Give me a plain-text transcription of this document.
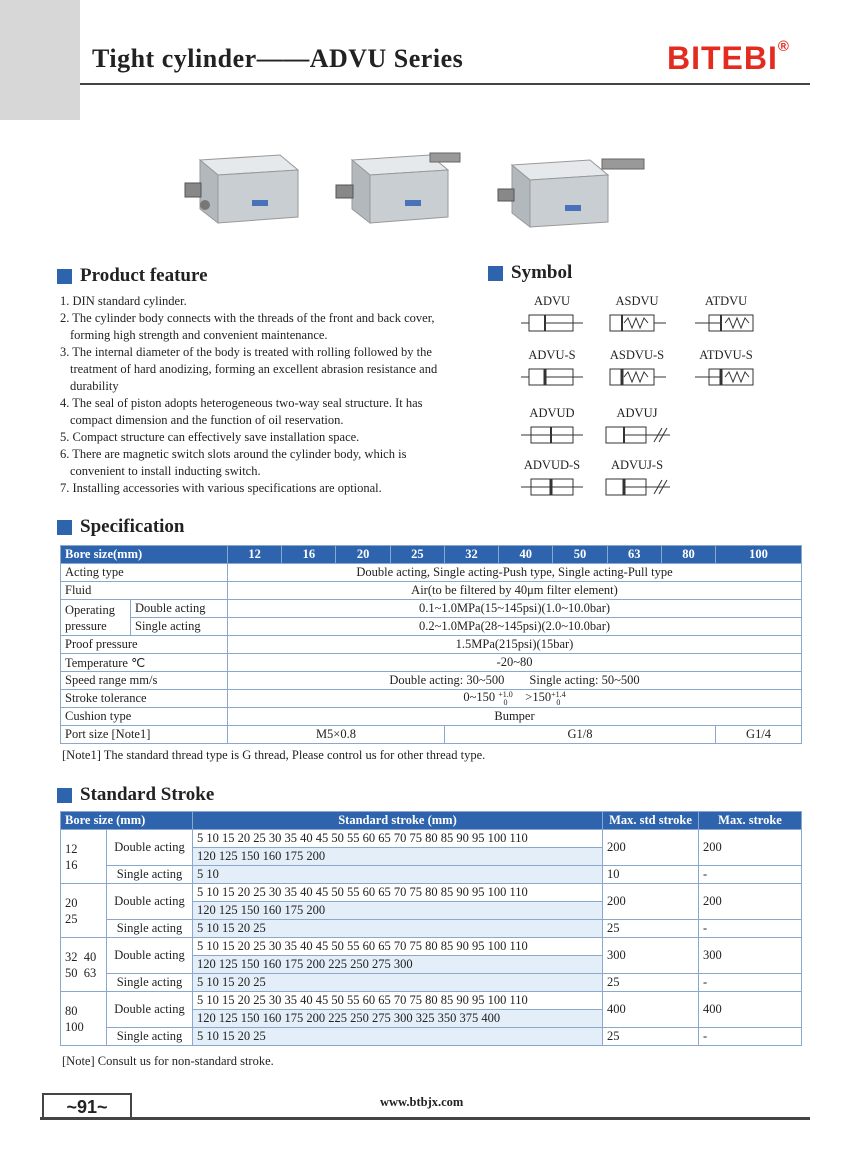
Tight cylinder——ADVU Series	BITEBI®
Product feature
1. DIN standard cylinder.
2. The cylinder body connects with the threads of the front and back cover, forming high strength and convenient maintenance.
3. The internal diameter of the body is treated with rolling followed by the treatment of hard anodizing, forming an excellent abrasion resistance and durability
4. The seal of piston adopts heterogeneous two-way seal structure. It has compact dimension and the function of oil reservation.
5. Compact structure can effectively save installation space.
6. There are magnetic switch slots around the cylinder body, which is convenient to install inducting switch.
7. Installing accessories with various specifications are optional.
Symbol
ADVU	ASDVU	ATDVU
ADVU-S	ASDVU-S	ATDVU-S
ADVUD	ADVUJ
ADVUD-S	ADVUJ-S
Specification
Bore size(mm)		12	16	20	25	32	40	50	63	80	100
Acting type		Double acting, Single acting-Push type, Single acting-Pull type									
Fluid		Air(to be filtered by 40μm filter element)									
Operating pressure	Double acting	0.1~1.0MPa(15~145psi)(1.0~10.0bar)									
	Single acting	0.2~1.0MPa(28~145psi)(2.0~10.0bar)									
Proof pressure		1.5MPa(215psi)(15bar)									
Temperature ℃		-20~80									
Speed range mm/s		Double acting: 30~500 Single acting: 50~500									
Stroke tolerance		0~150 +1.0
0 >150+1.4
0									
Cushion type		Bumper									
Port size [Note1]		M5×0.8				G1/8					G1/4
[Note1] The standard thread type is G thread, Please control us for other thread type.
Standard Stroke
Bore size (mm)		Standard stroke (mm)	Max. std stroke	Max. stroke
12
16	Double acting	5 10 15 20 25 30 35 40 45 50 55 60 65 70 75 80 85 90 95 100 110	200	200
		120 125 150 160 175 200		
	Single acting	5 10	10	-
20
25	Double acting	5 10 15 20 25 30 35 40 45 50 55 60 65 70 75 80 85 90 95 100 110	200	200
		120 125 150 160 175 200		
	Single acting	5 10 15 20 25	25	-
32  40
50  63	Double acting	5 10 15 20 25 30 35 40 45 50 55 60 65 70 75 80 85 90 95 100 110	300	300
		120 125 150 160 175 200 225 250 275 300		
	Single acting	5 10 15 20 25	25	-
80
100	Double acting	5 10 15 20 25 30 35 40 45 50 55 60 65 70 75 80 85 90 95 100 110	400	400
		120 125 150 160 175 200 225 250 275 300 325 350 375 400		
	Single acting	5 10 15 20 25	25	-
[Note] Consult us for non-standard stroke.
~91~	www.btbjx.com
